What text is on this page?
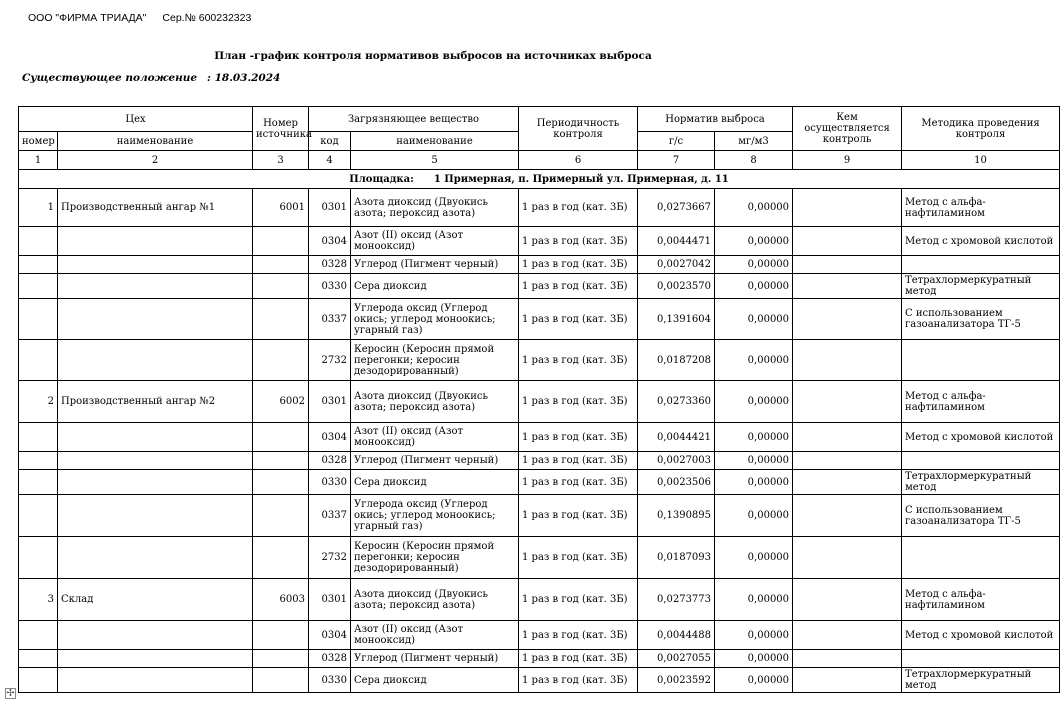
ООО "ФИРМА ТРИАДА" Сер.№ 600232323
План -график контроля нормативов выбросов на источниках выброса
Существующее положение : 18.03.2024
Цех		Номер источника	Загрязняющее вещество		Периодичность контроля	Норматив выброса		Кем осуществляется контроль	Методика проведения контроля
номер	наименование		код	наименование		г/с	мг/м3		
1	2	3	4	5	6	7	8	9	10
Площадка: 1 Примерная, п. Примерный ул. Примерная, д. 11									
1	Производственный ангар №1	6001	0301	Азота диоксид (Двуокись азота; пероксид азота)	1 раз в год (кат. 3Б)	0,0273667	0,00000		Метод с альфа-нафтиламином
			0304	Азот (II) оксид (Азот монооксид)	1 раз в год (кат. 3Б)	0,0044471	0,00000		Метод с хромовой кислотой
			0328	Углерод (Пигмент черный)	1 раз в год (кат. 3Б)	0,0027042	0,00000		
			0330	Сера диоксид	1 раз в год (кат. 3Б)	0,0023570	0,00000		Тетрахлормеркуратный метод
			0337	Углерода оксид (Углерод окись; углерод моноокись; угарный газ)	1 раз в год (кат. 3Б)	0,1391604	0,00000		С использованием газоанализатора ТГ-5
			2732	Керосин (Керосин прямой перегонки; керосин дезодорированный)	1 раз в год (кат. 3Б)	0,0187208	0,00000		
2	Производственный ангар №2	6002	0301	Азота диоксид (Двуокись азота; пероксид азота)	1 раз в год (кат. 3Б)	0,0273360	0,00000		Метод с альфа-нафтиламином
			0304	Азот (II) оксид (Азот монооксид)	1 раз в год (кат. 3Б)	0,0044421	0,00000		Метод с хромовой кислотой
			0328	Углерод (Пигмент черный)	1 раз в год (кат. 3Б)	0,0027003	0,00000		
			0330	Сера диоксид	1 раз в год (кат. 3Б)	0,0023506	0,00000		Тетрахлормеркуратный метод
			0337	Углерода оксид (Углерод окись; углерод моноокись; угарный газ)	1 раз в год (кат. 3Б)	0,1390895	0,00000		С использованием газоанализатора ТГ-5
			2732	Керосин (Керосин прямой перегонки; керосин дезодорированный)	1 раз в год (кат. 3Б)	0,0187093	0,00000		
3	Склад	6003	0301	Азота диоксид (Двуокись азота; пероксид азота)	1 раз в год (кат. 3Б)	0,0273773	0,00000		Метод с альфа-нафтиламином
			0304	Азот (II) оксид (Азот монооксид)	1 раз в год (кат. 3Б)	0,0044488	0,00000		Метод с хромовой кислотой
			0328	Углерод (Пигмент черный)	1 раз в год (кат. 3Б)	0,0027055	0,00000		
			0330	Сера диоксид	1 раз в год (кат. 3Б)	0,0023592	0,00000		Тетрахлормеркуратный метод
✢
